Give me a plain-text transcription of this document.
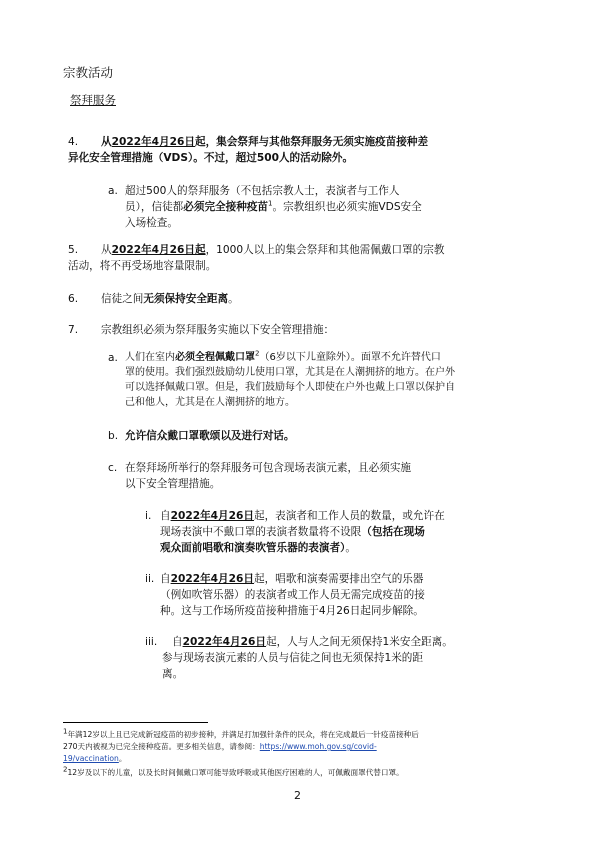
宗教活动
祭拜服务
4. 从2022年4月26日起，集会祭拜与其他祭拜服务无须实施疫苗接种差
异化安全管理措施（VDS）。不过，超过500人的活动除外。
a. 超过500人的祭拜服务（不包括宗教人士，表演者与工作人
员），信徒都必须完全接种疫苗$^1$。宗教组织也必须实施VDS安全
入场检查。
5. 从2022年4月26日起，1000人以上的集会祭拜和其他需佩戴口罩的宗教
活动，将不再受场地容量限制。
6. 信徒之间无须保持安全距离。
7. 宗教组织必须为祭拜服务实施以下安全管理措施：
a. 人们在室内必须全程佩戴口罩$^2$（6岁以下儿童除外）。面罩不允许替代口
罩的使用。我们强烈鼓励幼儿使用口罩，尤其是在人潮拥挤的地方。在户外
可以选择佩戴口罩。但是，我们鼓励每个人即使在户外也戴上口罩以保护自
己和他人，尤其是在人潮拥挤的地方。
b. 允许信众戴口罩歌颂以及进行对话。
c. 在祭拜场所举行的祭拜服务可包含现场表演元素，且必须实施
以下安全管理措施。
i. 自2022年4月26日起，表演者和工作人员的数量，或允许在
现场表演中不戴口罩的表演者数量将不设限（包括在现场
观众面前唱歌和演奏吹管乐器的表演者）。
ii. 自2022年4月26日起，唱歌和演奏需要排出空气的乐器
（例如吹管乐器）的表演者或工作人员无需完成疫苗的接
种。这与工作场所疫苗接种措施于4月26日起同步解除。
iii. 自2022年4月26日起，人与人之间无须保持1米安全距离。
参与现场表演元素的人员与信徒之间也无须保持1米的距
离。
$^1$年满12岁以上且已完成新冠疫苗的初步接种，并满足打加强针条件的民众，将在完成最后一针疫苗接种后
270天内被视为已完全接种疫苗。更多相关信息，请参阅：https://www.moh.gov.sg/covid-
19/vaccination。
$^2$12岁及以下的儿童，以及长时间佩戴口罩可能导致呼吸或其他医疗困难的人，可佩戴面罩代替口罩。
2
